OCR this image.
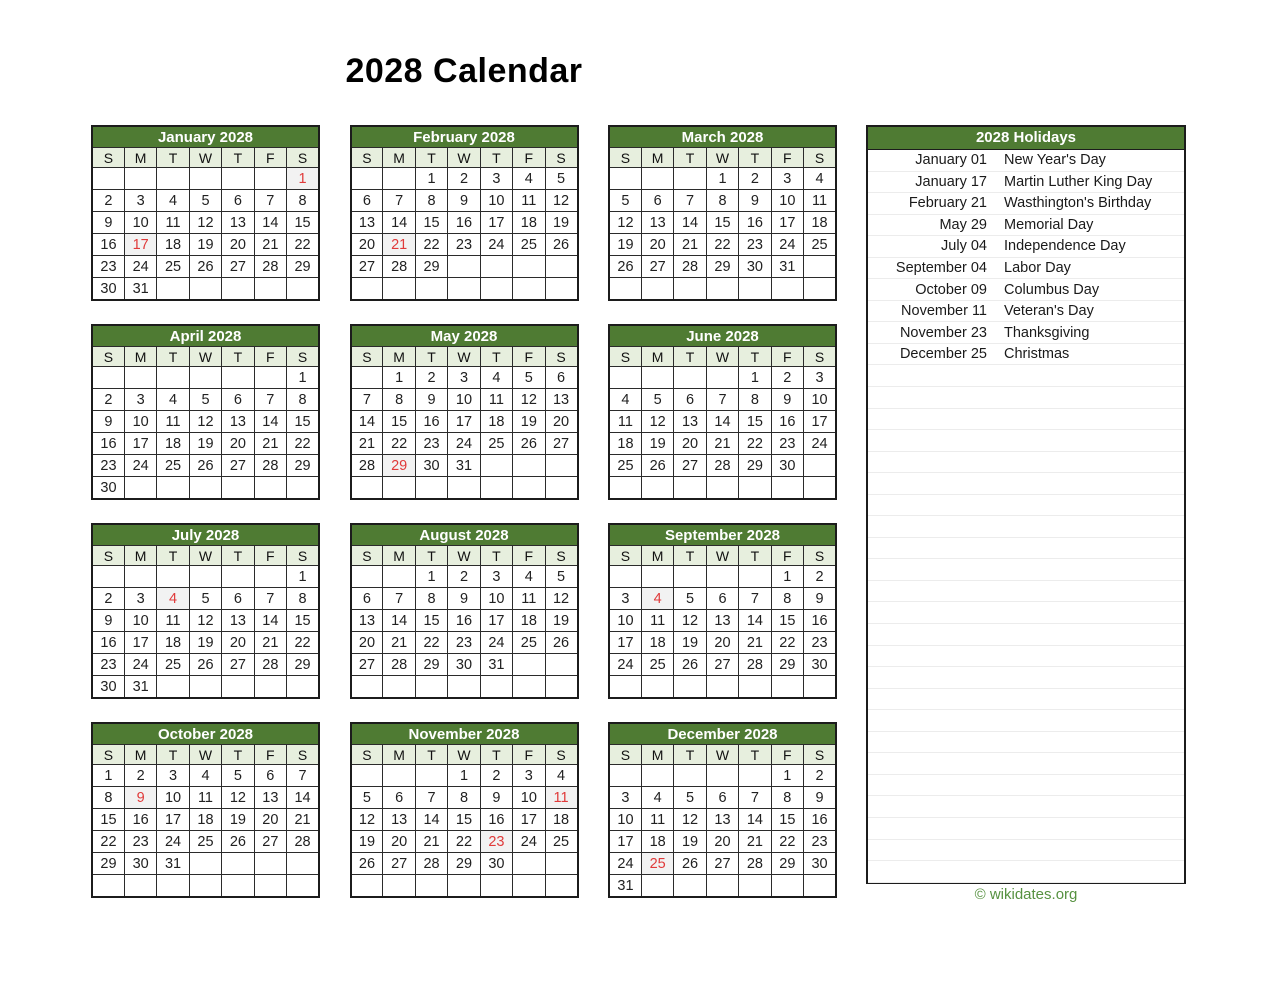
2028 Calendar
January 2028						
S	M	T	W	T	F	S
						1
2	3	4	5	6	7	8
9	10	11	12	13	14	15
16	17	18	19	20	21	22
23	24	25	26	27	28	29
30	31					
February 2028						
S	M	T	W	T	F	S
		1	2	3	4	5
6	7	8	9	10	11	12
13	14	15	16	17	18	19
20	21	22	23	24	25	26
27	28	29				

March 2028						
S	M	T	W	T	F	S
			1	2	3	4
5	6	7	8	9	10	11
12	13	14	15	16	17	18
19	20	21	22	23	24	25
26	27	28	29	30	31	

April 2028						
S	M	T	W	T	F	S
						1
2	3	4	5	6	7	8
9	10	11	12	13	14	15
16	17	18	19	20	21	22
23	24	25	26	27	28	29
30						
May 2028						
S	M	T	W	T	F	S
	1	2	3	4	5	6
7	8	9	10	11	12	13
14	15	16	17	18	19	20
21	22	23	24	25	26	27
28	29	30	31			

June 2028						
S	M	T	W	T	F	S
				1	2	3
4	5	6	7	8	9	10
11	12	13	14	15	16	17
18	19	20	21	22	23	24
25	26	27	28	29	30	

July 2028						
S	M	T	W	T	F	S
						1
2	3	4	5	6	7	8
9	10	11	12	13	14	15
16	17	18	19	20	21	22
23	24	25	26	27	28	29
30	31					
August 2028						
S	M	T	W	T	F	S
		1	2	3	4	5
6	7	8	9	10	11	12
13	14	15	16	17	18	19
20	21	22	23	24	25	26
27	28	29	30	31		

September 2028						
S	M	T	W	T	F	S
					1	2
3	4	5	6	7	8	9
10	11	12	13	14	15	16
17	18	19	20	21	22	23
24	25	26	27	28	29	30

October 2028						
S	M	T	W	T	F	S
1	2	3	4	5	6	7
8	9	10	11	12	13	14
15	16	17	18	19	20	21
22	23	24	25	26	27	28
29	30	31				

November 2028						
S	M	T	W	T	F	S
			1	2	3	4
5	6	7	8	9	10	11
12	13	14	15	16	17	18
19	20	21	22	23	24	25
26	27	28	29	30		

December 2028						
S	M	T	W	T	F	S
					1	2
3	4	5	6	7	8	9
10	11	12	13	14	15	16
17	18	19	20	21	22	23
24	25	26	27	28	29	30
31						
2028 Holidays
January 01	New Year's Day
January 17	Martin Luther King Day
February 21	Wasthington's Birthday
May 29	Memorial Day
July 04	Independence Day
September 04	Labor Day
October 09	Columbus Day
November 11	Veteran's Day
November 23	Thanksgiving
December 25	Christmas
© wikidates.org
